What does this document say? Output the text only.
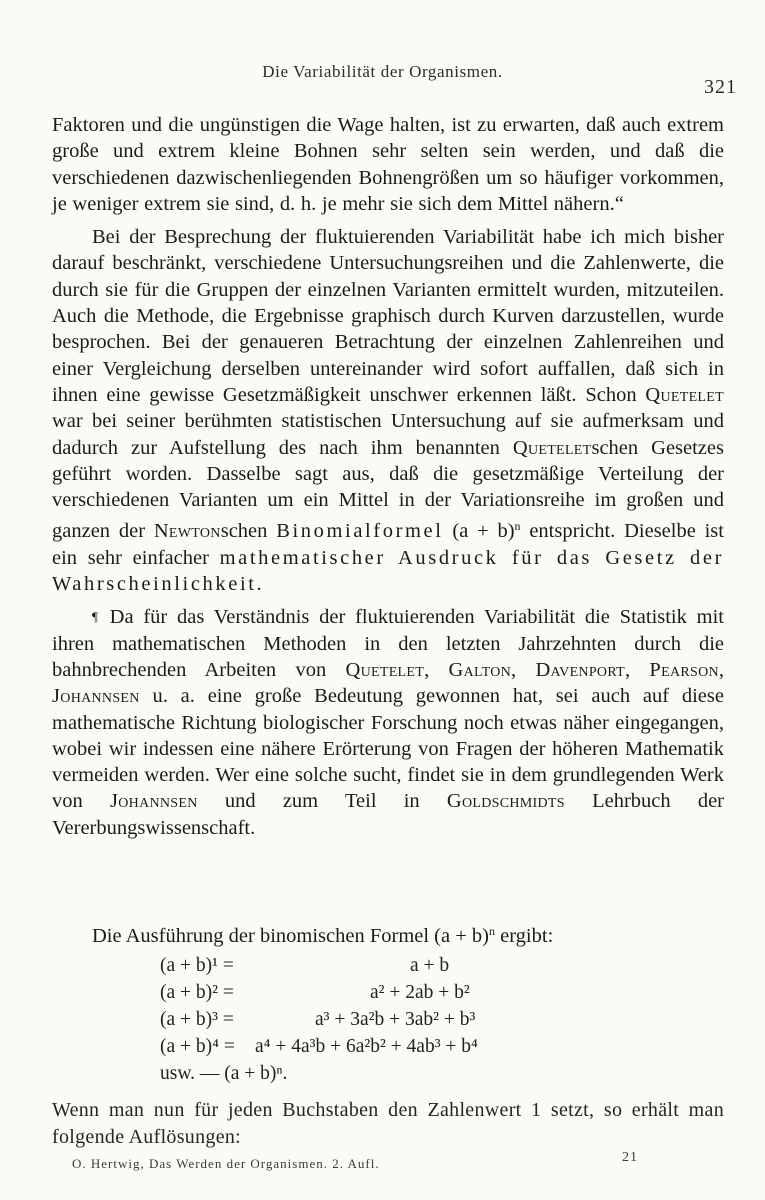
Die Variabilität der Organismen.
321

Faktoren und die ungünstigen die Wage halten, ist zu erwarten, daß auch extrem große und extrem kleine Bohnen sehr selten sein werden, und daß die verschiedenen dazwischenliegenden Bohnengrößen um so häufiger vorkommen, je weniger extrem sie sind, d. h. je mehr sie sich dem Mittel nähern.“

Bei der Besprechung der fluktuierenden Variabilität habe ich mich bisher darauf beschränkt, verschiedene Untersuchungsreihen und die Zahlenwerte, die durch sie für die Gruppen der einzelnen Varianten ermittelt wurden, mitzuteilen. Auch die Methode, die Ergebnisse graphisch durch Kurven darzustellen, wurde besprochen. Bei der genaueren Betrachtung der einzelnen Zahlenreihen und einer Vergleichung derselben untereinander wird sofort auffallen, daß sich in ihnen eine gewisse Gesetzmäßigkeit unschwer erkennen läßt. Schon Quetelet war bei seiner berühmten statistischen Untersuchung auf sie aufmerksam und dadurch zur Aufstellung des nach ihm benannten Queteletschen Gesetzes geführt worden. Dasselbe sagt aus, daß die gesetzmäßige Verteilung der verschiedenen Varianten um ein Mittel in der Variationsreihe im großen und ganzen der Newtonschen Binomialformel $(a + b)^n$ entspricht. Dieselbe ist ein sehr einfacher mathematischer Ausdruck für das Gesetz der Wahrscheinlichkeit.

¶ Da für das Verständnis der fluktuierenden Variabilität die Statistik mit ihren mathematischen Methoden in den letzten Jahrzehnten durch die bahnbrechenden Arbeiten von Quetelet, Galton, Davenport, Pearson, Johannsen u. a. eine große Bedeutung gewonnen hat, sei auch auf diese mathematische Richtung biologischer Forschung noch etwas näher eingegangen, wobei wir indessen eine nähere Erörterung von Fragen der höheren Mathematik vermeiden werden. Wer eine solche sucht, findet sie in dem grundlegenden Werk von Johannsen und zum Teil in Goldschmidts Lehrbuch der Vererbungswissenschaft.

Die Ausführung der binomischen Formel $(a + b)^n$ ergibt:
(a + b)¹ =	a + b
(a + b)² =	a² + 2ab + b²
(a + b)³ =	a³ + 3a²b + 3ab² + b³
(a + b)⁴ = a⁴ + 4a³b + 6a²b² + 4ab³ + b⁴
usw. — (a + b)ⁿ.
Wenn man nun für jeden Buchstaben den Zahlenwert 1 setzt, so erhält man folgende Auflösungen:
O. Hertwig, Das Werden der Organismen. 2. Aufl.	21
